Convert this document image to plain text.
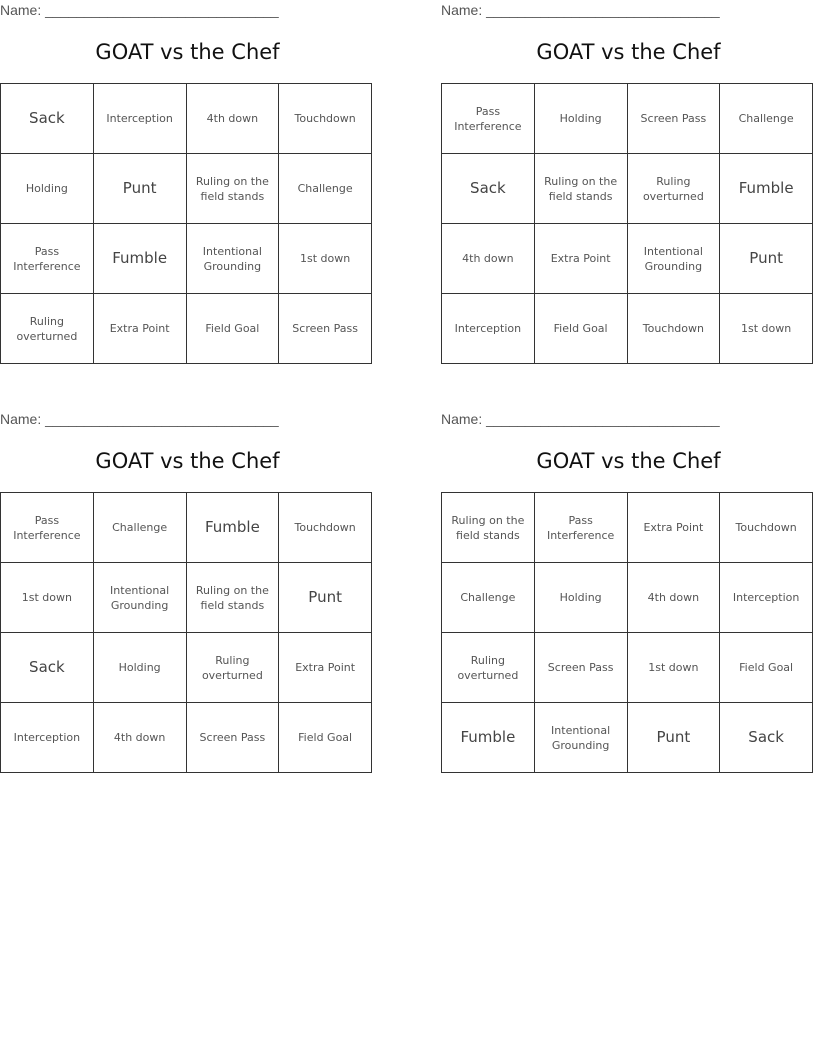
Name: ______________________________
GOAT vs the Chef
Sack	Interception	4th down	Touchdown
Holding	Punt	Ruling on the field stands	Challenge
Pass Interference	Fumble	Intentional Grounding	1st down
Ruling overturned	Extra Point	Field Goal	Screen Pass
Name: ______________________________
GOAT vs the Chef
Pass Interference	Holding	Screen Pass	Challenge
Sack	Ruling on the field stands	Ruling overturned	Fumble
4th down	Extra Point	Intentional Grounding	Punt
Interception	Field Goal	Touchdown	1st down
Name: ______________________________
GOAT vs the Chef
Pass Interference	Challenge	Fumble	Touchdown
1st down	Intentional Grounding	Ruling on the field stands	Punt
Sack	Holding	Ruling overturned	Extra Point
Interception	4th down	Screen Pass	Field Goal
Name: ______________________________
GOAT vs the Chef
Ruling on the field stands	Pass Interference	Extra Point	Touchdown
Challenge	Holding	4th down	Interception
Ruling overturned	Screen Pass	1st down	Field Goal
Fumble	Intentional Grounding	Punt	Sack
